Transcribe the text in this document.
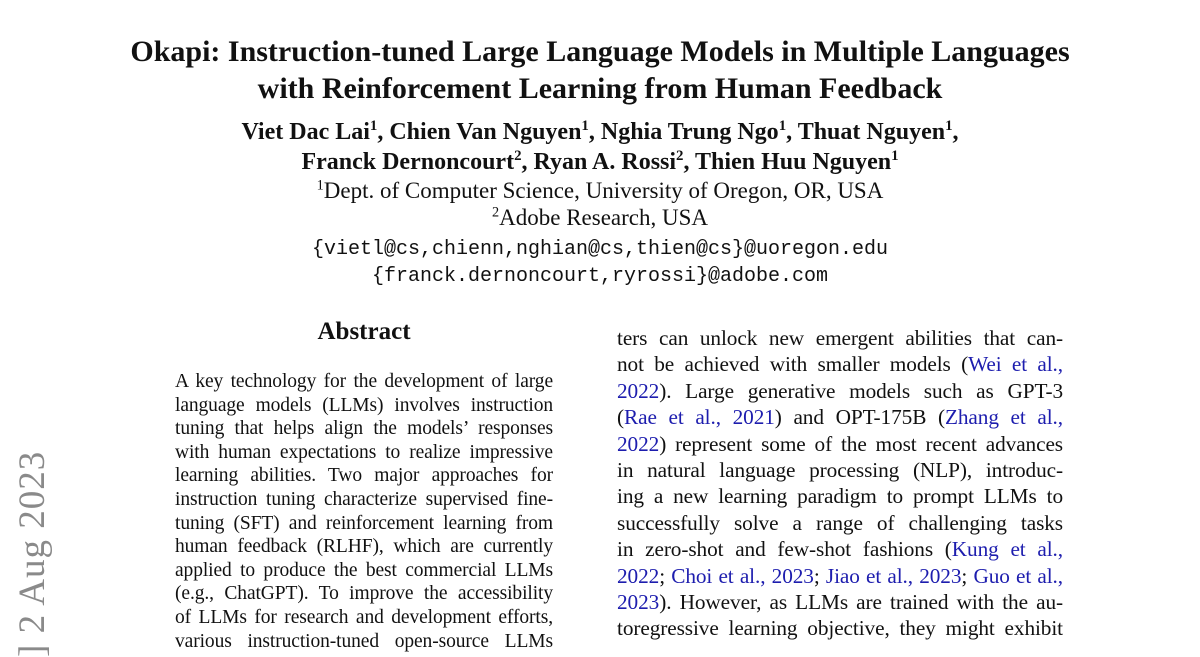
] 2 Aug 2023
Okapi: Instruction-tuned Large Language Models in Multiple Languages
with Reinforcement Learning from Human Feedback
Viet Dac Lai$^1$, Chien Van Nguyen$^1$, Nghia Trung Ngo$^1$, Thuat Nguyen$^1$,
Franck Dernoncourt$^2$, Ryan A. Rossi$^2$, Thien Huu Nguyen$^1$
$^1$Dept. of Computer Science, University of Oregon, OR, USA
$^2$Adobe Research, USA
{vietl@cs,chienn,nghian@cs,thien@cs}@uoregon.edu
{franck.dernoncourt,ryrossi}@adobe.com
Abstract
A key technology for the development of large
language models (LLMs) involves instruction
tuning that helps align the models’ responses
with human expectations to realize impressive
learning abilities. Two major approaches for
instruction tuning characterize supervised fine-
tuning (SFT) and reinforcement learning from
human feedback (RLHF), which are currently
applied to produce the best commercial LLMs
(e.g., ChatGPT). To improve the accessibility
of LLMs for research and development efforts,
various instruction-tuned open-source LLMs
ters can unlock new emergent abilities that can-
not be achieved with smaller models (Wei et al.,
2022). Large generative models such as GPT-3
(Rae et al., 2021) and OPT-175B (Zhang et al.,
2022) represent some of the most recent advances
in natural language processing (NLP), introduc-
ing a new learning paradigm to prompt LLMs to
successfully solve a range of challenging tasks
in zero-shot and few-shot fashions (Kung et al.,
2022; Choi et al., 2023; Jiao et al., 2023; Guo et al.,
2023). However, as LLMs are trained with the au-
toregressive learning objective, they might exhibit
